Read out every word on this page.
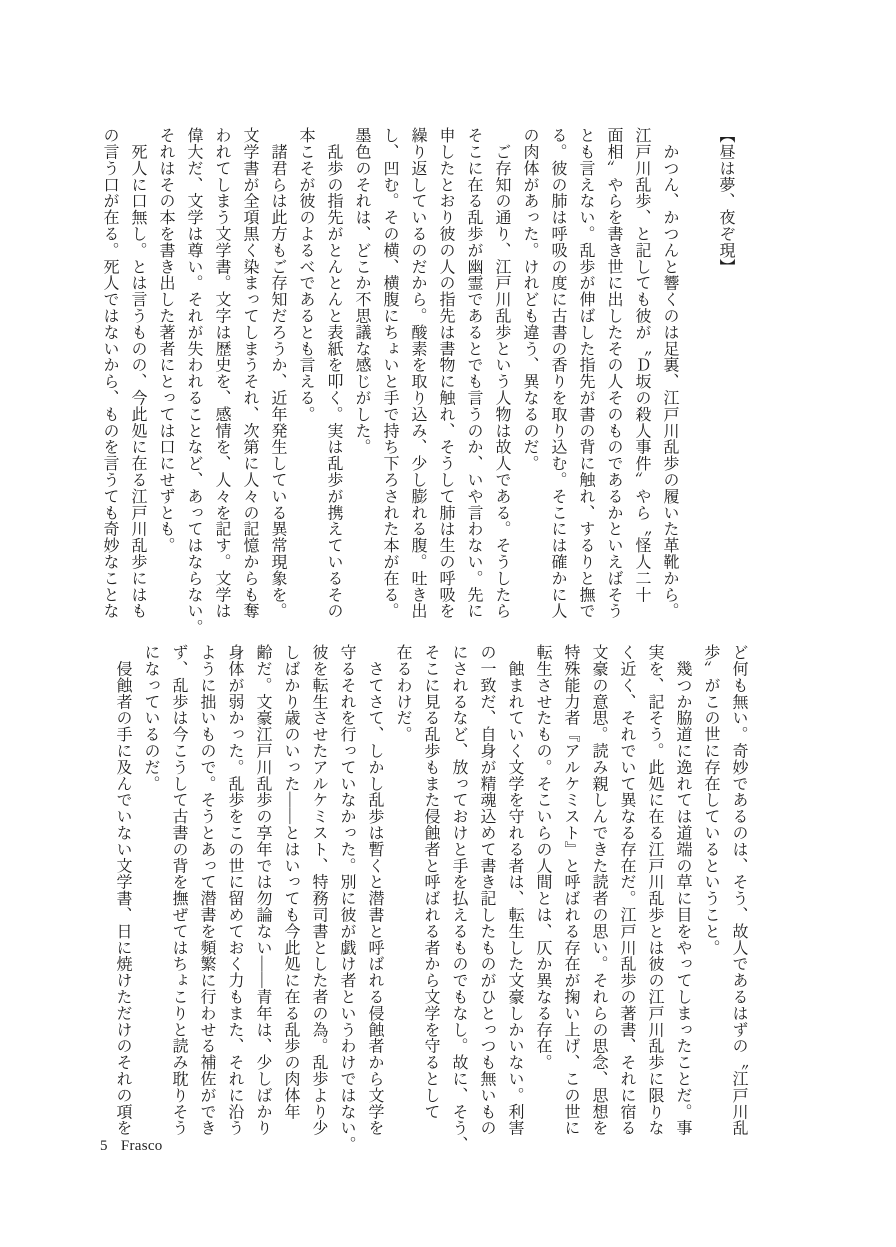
【昼は夢、夜ぞ現】

　かつん、かつんと響くのは足裏、江戸川乱歩の履いた革靴から。

江戸川乱歩、と記しても彼が〝Ｄ坂の殺人事件〟やら〝怪人二十

面相〟やらを書き世に出したその人そのものであるかといえばそう

とも言えない。乱歩が伸ばした指先が書の背に触れ、するりと撫で

る。彼の肺は呼吸の度に古書の香りを取り込む。そこには確かに人

の肉体があった。けれども違う、異なるのだ。

　ご存知の通り、江戸川乱歩という人物は故人である。そうしたら

そこに在る乱歩が幽霊であるとでも言うのか、いや言わない。先に

申したとおり彼の人の指先は書物に触れ、そうして肺は生の呼吸を

繰り返しているのだから。酸素を取り込み、少し膨れる腹。吐き出

し、凹む。その横、横腹にちょいと手で持ち下ろされた本が在る。

墨色のそれは、どこか不思議な感じがした。

　乱歩の指先がとんとんと表紙を叩く。実は乱歩が携えているその

本こそが彼のよるべであるとも言える。

　諸君らは此方もご存知だろうか、近年発生している異常現象を。

文学書が全項黒く染まってしまうそれ、次第に人々の記憶からも奪

われてしまう文学書。文字は歴史を、感情を、人々を記す。文学は

偉大だ、文学は尊い。それが失われることなど、あってはならない。

それはその本を書き出した著者にとっては口にせずとも。

　死人に口無し。とは言うものの、今此処に在る江戸川乱歩にはも

の言う口が在る。死人ではないから、ものを言うても奇妙なことな

ど何も無い。奇妙であるのは、そう、故人であるはずの〝江戸川乱

歩〟がこの世に存在しているということ。

　幾つか脇道に逸れては道端の草に目をやってしまったことだ。事

実を、記そう。此処に在る江戸川乱歩とは彼の江戸川乱歩に限りな

く近く、それでいて異なる存在だ。江戸川乱歩の著書、それに宿る

文豪の意思。読み親しんできた読者の思い。それらの思念、思想を

特殊能力者『アルケミスト』と呼ばれる存在が掬い上げ、この世に

転生させたもの。そこいらの人間とは、仄か異なる存在。

　蝕まれていく文学を守れる者は、転生した文豪しかいない。利害

の一致だ、自身が精魂込めて書き記したものがひとっつも無いもの

にされるなど、放っておけと手を払えるものでもなし。故に、そう、

そこに見る乱歩もまた侵蝕者と呼ばれる者から文学を守るとして

在るわけだ。

　さてさて、しかし乱歩は暫くと潜書と呼ばれる侵蝕者から文学を

守るそれを行っていなかった。別に彼が戯け者というわけではない。

彼を転生させたアルケミスト、特務司書とした者の為。乱歩より少

しばかり歳のいった――とはいっても今此処に在る乱歩の肉体年

齢だ。文豪江戸川乱歩の享年では勿論ない――青年は、少しばかり

身体が弱かった。乱歩をこの世に留めておく力もまた、それに沿う

ように拙いもので。そうとあって潜書を頻繁に行わせる補佐ができ

ず、乱歩は今こうして古書の背を撫ぜてはちょこりと読み耽りそう

になっているのだ。

　侵蝕者の手に及んでいない文学書、日に焼けただけのそれの項を

5 Frasco
